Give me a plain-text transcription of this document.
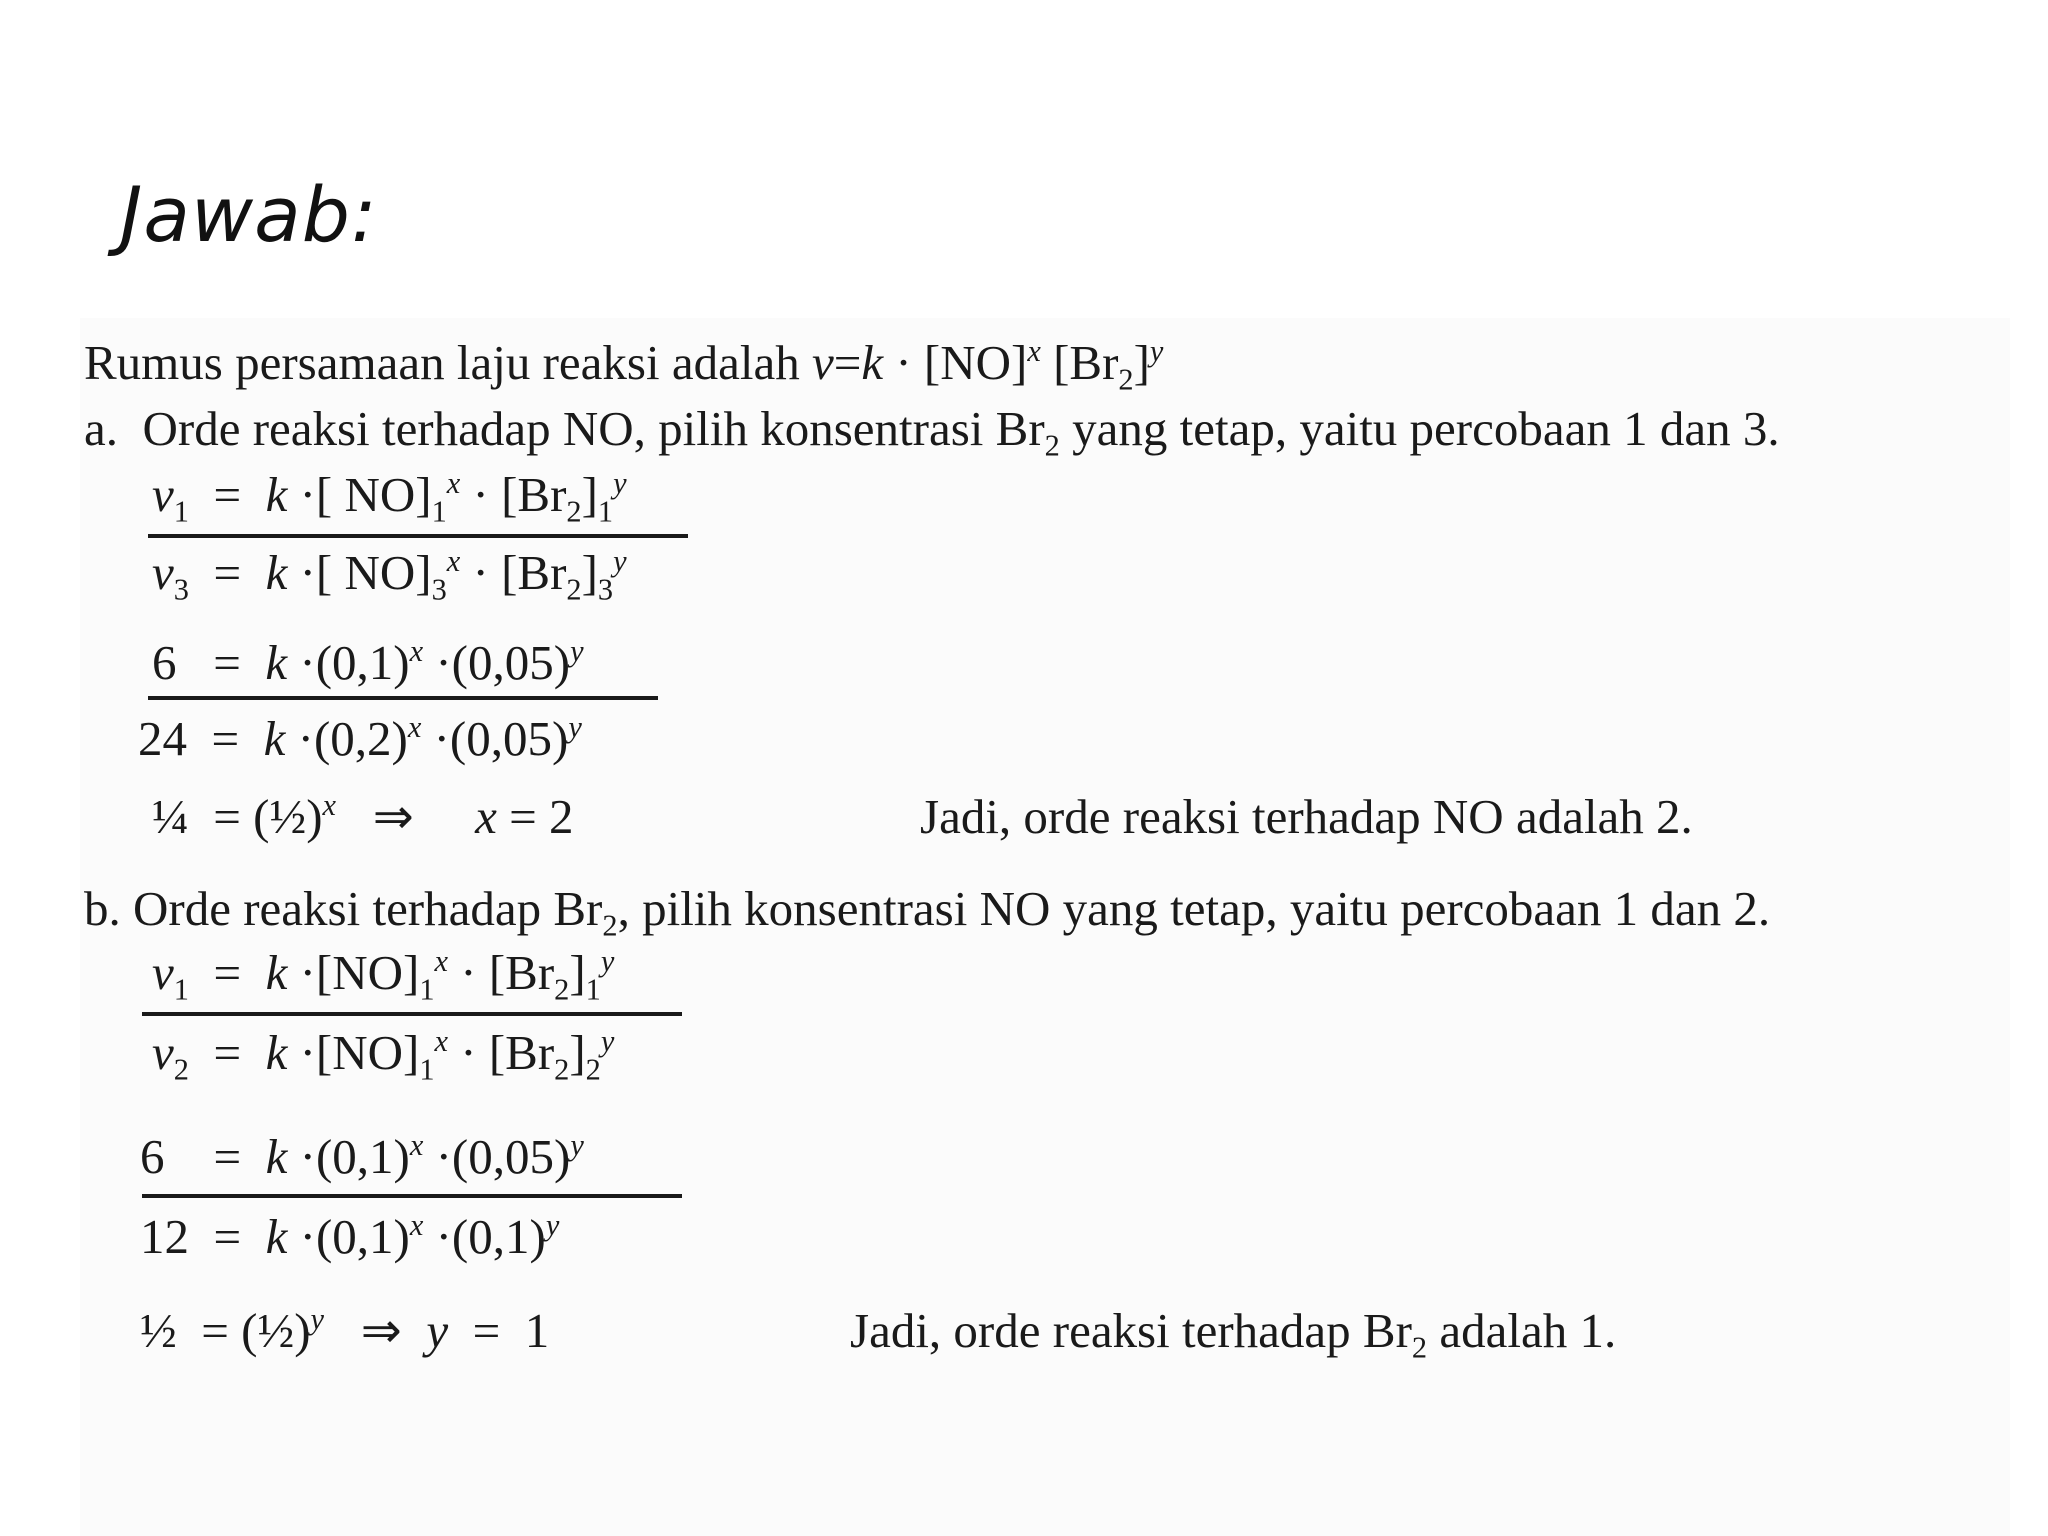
Jawab:
Rumus persamaan laju reaksi adalah v=k · [NO]$^x$ $[Br_2]^y$
a. Orde reaksi terhadap NO, pilih konsentrasi $Br_2$ yang tetap, yaitu percobaan 1 dan 3.
$v_1 = k$ ·[ $NO]_1^x \cdot [Br_2]_1^y$
$v_3 = k$ ·[ $NO]_3^x \cdot [Br_2]_3^y$
$6 = k \cdot(0,1)^x \cdot(0,05)^y$
$24 = k \cdot(0,2)^x \cdot(0,05)^y$
¼ = (½)$^x$ ⇒ x = 2	Jadi, orde reaksi terhadap NO adalah 2.
b. Orde reaksi terhadap $Br_2$, pilih konsentrasi NO yang tetap, yaitu percobaan 1 dan 2.
$v_1 = k \cdot[NO]_1^x \cdot [Br_2]_1^y$
$v_2 = k \cdot[NO]_1^x \cdot [Br_2]_2^y$
$6 = k \cdot(0,1)^x \cdot(0,05)^y$
$12 = k \cdot(0,1)^x \cdot(0,1)^y$
½ = (½)$^y$ ⇒ y = 1	Jadi, orde reaksi terhadap $Br_2$ adalah 1.
